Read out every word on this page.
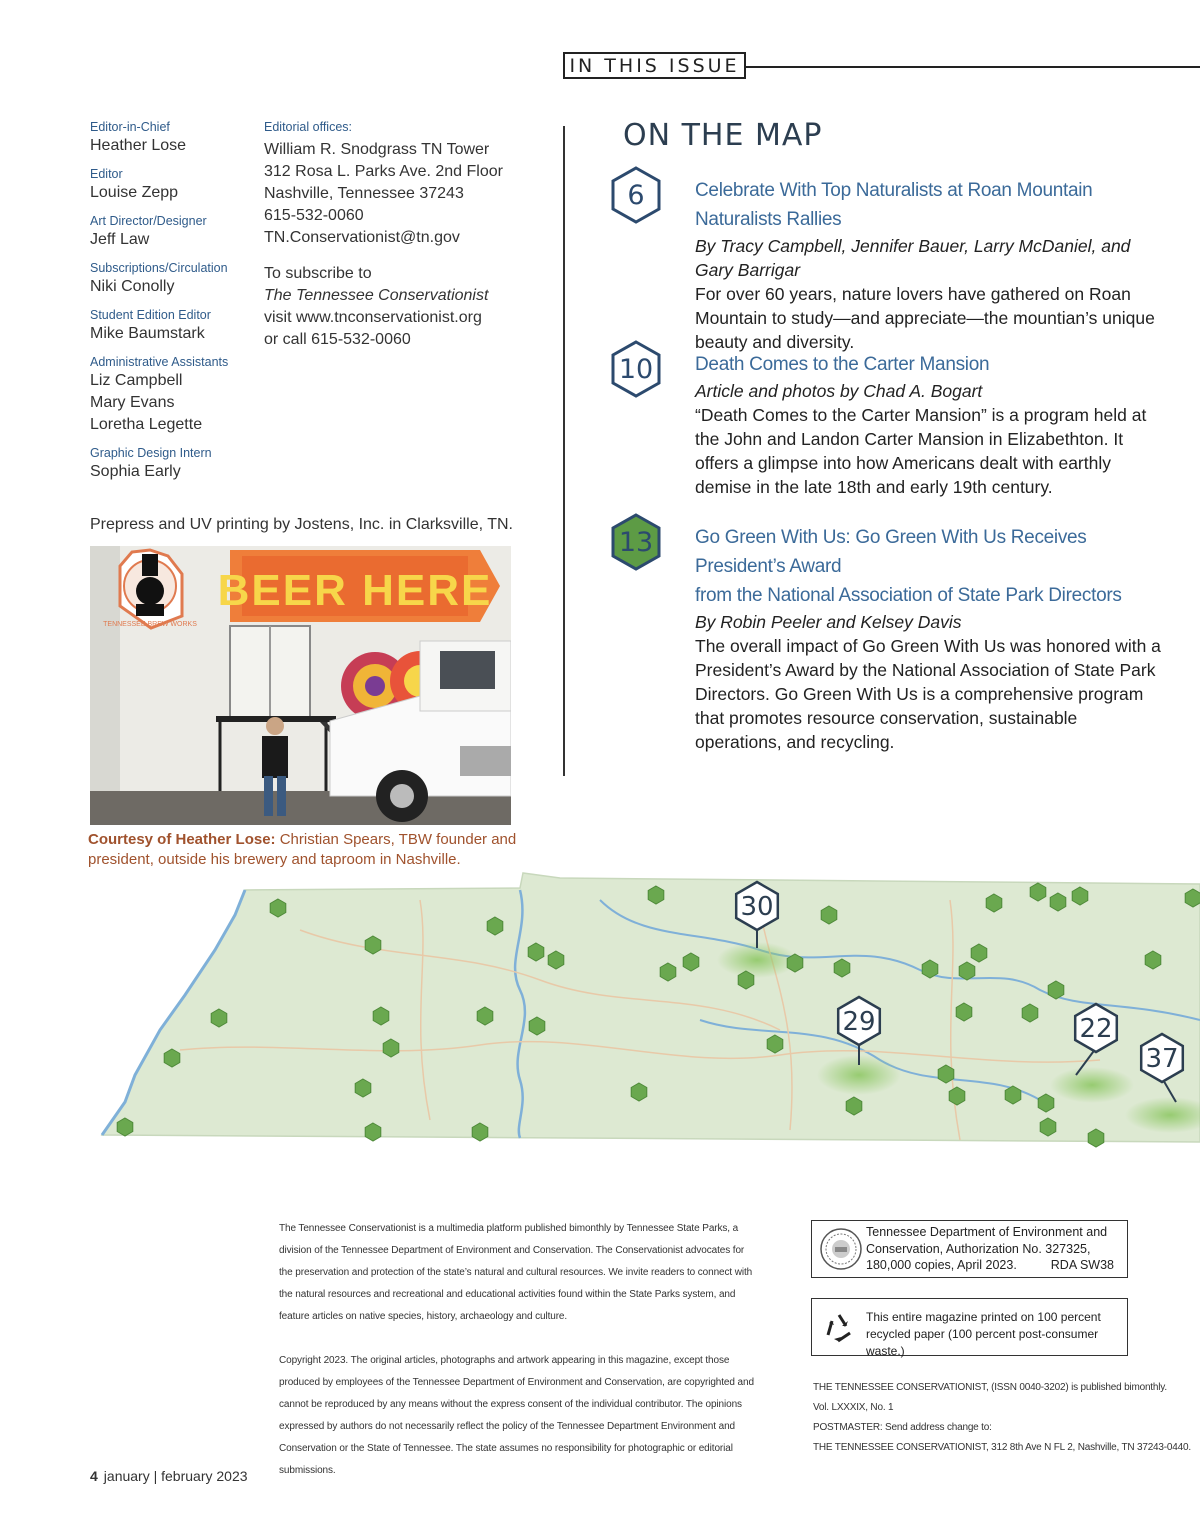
IN THIS ISSUE
Editor-in-Chief
Heather Lose
Editor
Louise Zepp
Art Director/Designer
Jeff Law
Subscriptions/Circulation
Niki Conolly
Student Edition Editor
Mike Baumstark
Administrative Assistants
Liz Campbell
Mary Evans
Loretha Legette
Graphic Design Intern
Sophia Early
Editorial offices:
William R. Snodgrass TN Tower
312 Rosa L. Parks Ave. 2nd Floor
Nashville, Tennessee 37243
615-532-0060
TN.Conservationist@tn.gov
To subscribe to
The Tennessee Conservationist
visit www.tnconservationist.org
or call 615-532-0060
Prepress and UV printing by Jostens, Inc. in Clarksville, TN.
TENNESSEE BREW WORKS
BEER HERE
Courtesy of Heather Lose: Christian Spears, TBW founder and president, outside his brewery and taproom in Nashville.
ON THE MAP
6	Celebrate With Top Naturalists at Roan Mountain Naturalists Rallies
By Tracy Campbell, Jennifer Bauer, Larry McDaniel, and Gary Barrigar
For over 60 years, nature lovers have gathered on Roan Mountain to study—and appreciate—the mountian’s unique beauty and diversity.
10	Death Comes to the Carter Mansion
Article and photos by Chad A. Bogart
“Death Comes to the Carter Mansion” is a program held at the John and Landon Carter Mansion in Elizabethton. It offers a glimpse into how Americans dealt with earthly demise in the late 18th and early 19th century.
13	Go Green With Us: Go Green With Us Receives President’s Award
from the National Association of State Park Directors
By Robin Peeler and Kelsey Davis
The overall impact of Go Green With Us was honored with a President’s Award by the National Association of State Park Directors. Go Green With Us is a comprehensive program that promotes resource conservation, sustainable operations, and recycling.
30
29	22
37

The Tennessee Conservationist is a multimedia platform published bimonthly by Tennessee State Parks, a division of the Tennessee Department of Environment and Conservation. The Conservationist advocates for the preservation and protection of the state’s natural and cultural resources. We invite readers to connect with the natural resources and recreational and educational activities found within the State Parks system, and feature articles on native species, history, archaeology and culture.

Copyright 2023. The original articles, photographs and artwork appearing in this magazine, except those produced by employees of the Tennessee Department of Environment and Conservation, are copyrighted and cannot be reproduced by any means without the express consent of the individual contributor. The opinions expressed by authors do not necessarily reflect the policy of the Tennessee Department Environment and Conservation or the State of Tennessee. The state assumes no responsibility for photographic or editorial submissions.

Tennessee Department of Environment and
Conservation, Authorization No. 327325,
180,000 copies, April 2023.	RDA SW38
This entire magazine printed on 100 percent
recycled paper (100 percent post-consumer waste.)
THE TENNESSEE CONSERVATIONIST, (ISSN 0040-3202) is published bimonthly.
Vol. LXXXIX, No. 1
POSTMASTER: Send address change to:
THE TENNESSEE CONSERVATIONIST, 312 8th Ave N FL 2, Nashville, TN 37243-0440.
4 january | february 2023
